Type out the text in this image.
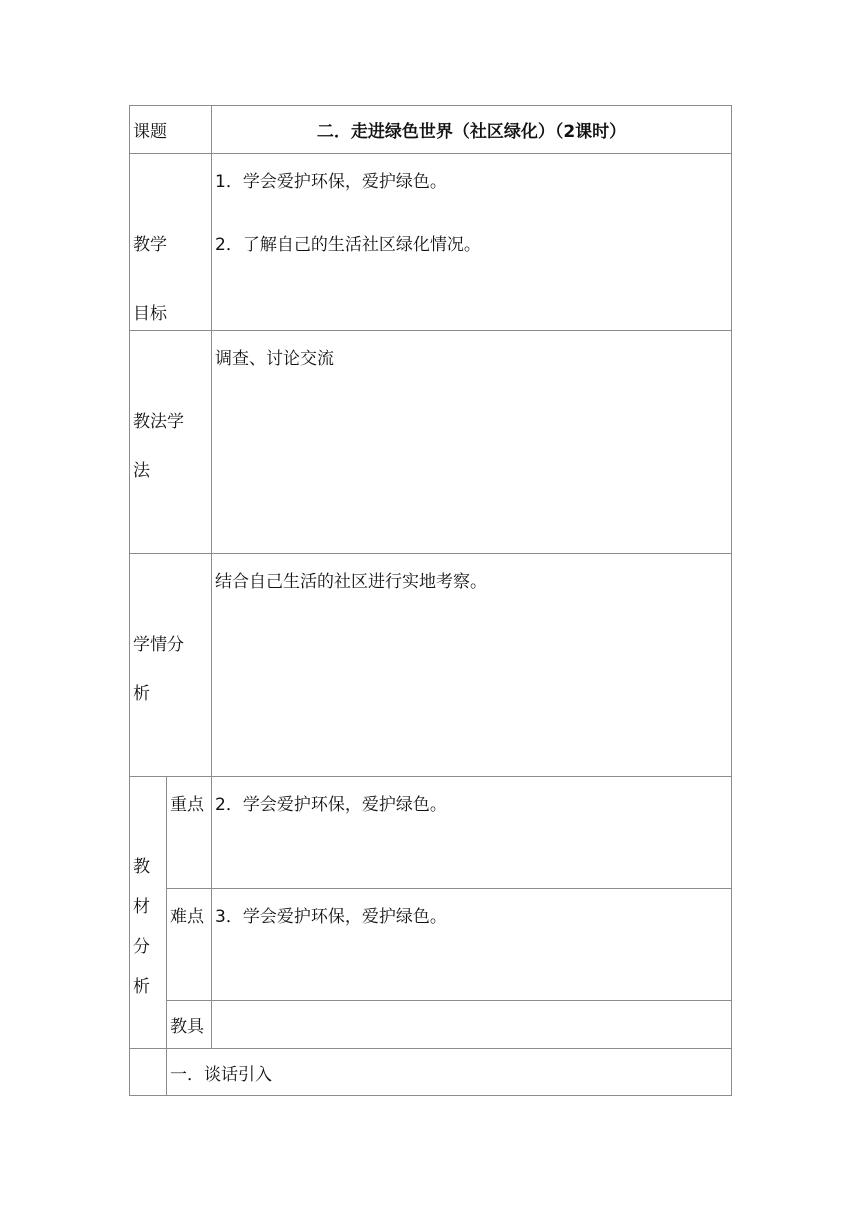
课题		二．走进绿色世界（社区绿化）（2课时）

教学
目标		1．学会爱护环保，爱护绿色。
2．了解自己的生活社区绿化情况。

教法学
法		调查、讨论交流

学情分
析		结合自己生活的社区进行实地考察。

教
材
分
析	重点	2．学会爱护环保，爱护绿色。

	难点	3．学会爱护环保，爱护绿色。

	教具	
	一．谈话引入	
